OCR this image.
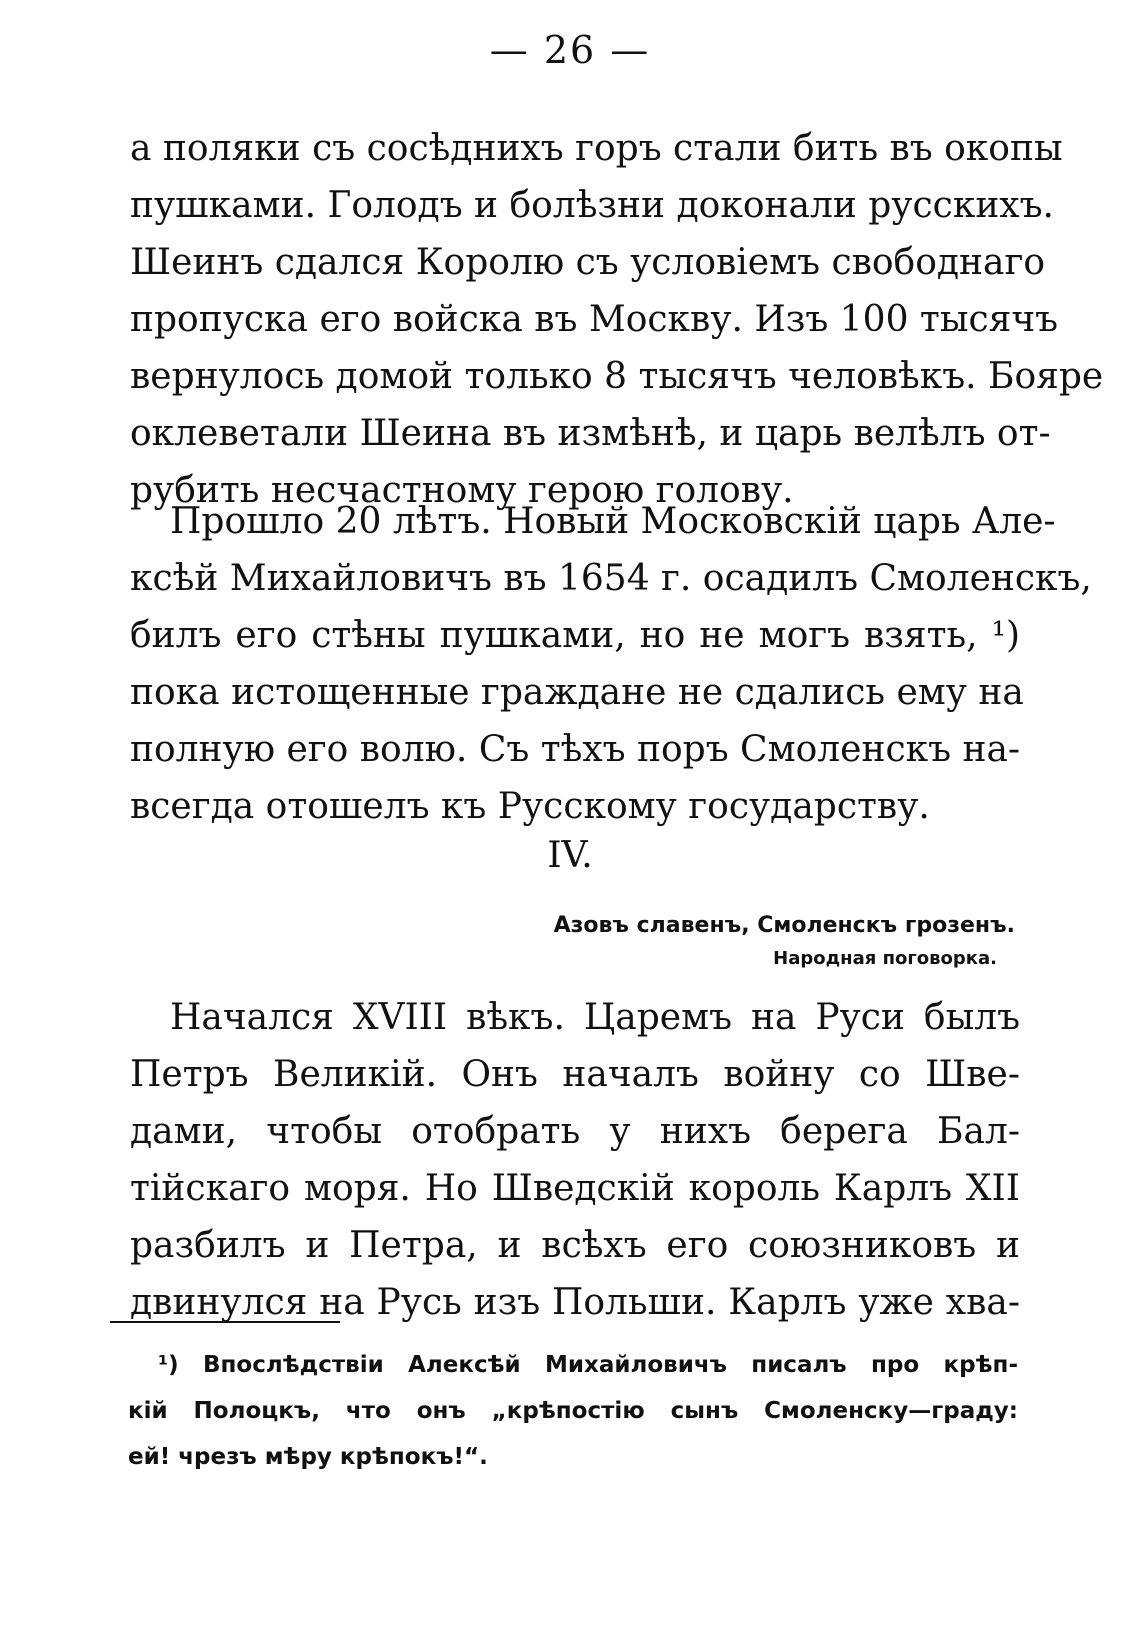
— 26 —
а поляки съ сосѣднихъ горъ стали бить въ окопы
пушками. Голодъ и болѣзни доконали русскихъ.
Шеинъ сдался Королю съ условіемъ свободнаго
пропуска его войска въ Москву. Изъ 100 тысячъ
вернулось домой только 8 тысячъ человѣкъ. Бояре
оклеветали Шеина въ измѣнѣ, и царь велѣлъ от-
рубить несчастному герою голову.
Прошло 20 лѣтъ. Новый Московскій царь Але-
ксѣй Михайловичъ въ 1654 г. осадилъ Смоленскъ,
билъ его стѣны пушками, но не могъ взять, ¹)
пока истощенные граждане не сдались ему на
полную его волю. Съ тѣхъ поръ Смоленскъ на-
всегда отошелъ къ Русскому государству.
IV.
Азовъ славенъ, Смоленскъ грозенъ.
Народная поговорка.
Начался XVIII вѣкъ. Царемъ на Руси былъ
Петръ Великій. Онъ началъ войну со Шве-
дами, чтобы отобрать у нихъ берега Бал-
тійскаго моря. Но Шведскій король Карлъ XII
разбилъ и Петра, и всѣхъ его союзниковъ и
двинулся на Русь изъ Польши. Карлъ уже хва-
¹) Впослѣдствіи Алексѣй Михайловичъ писалъ про крѣп-
кій Полоцкъ, что онъ „крѣпостію сынъ Смоленску—граду:
ей! чрезъ мѣру крѣпокъ!“.
